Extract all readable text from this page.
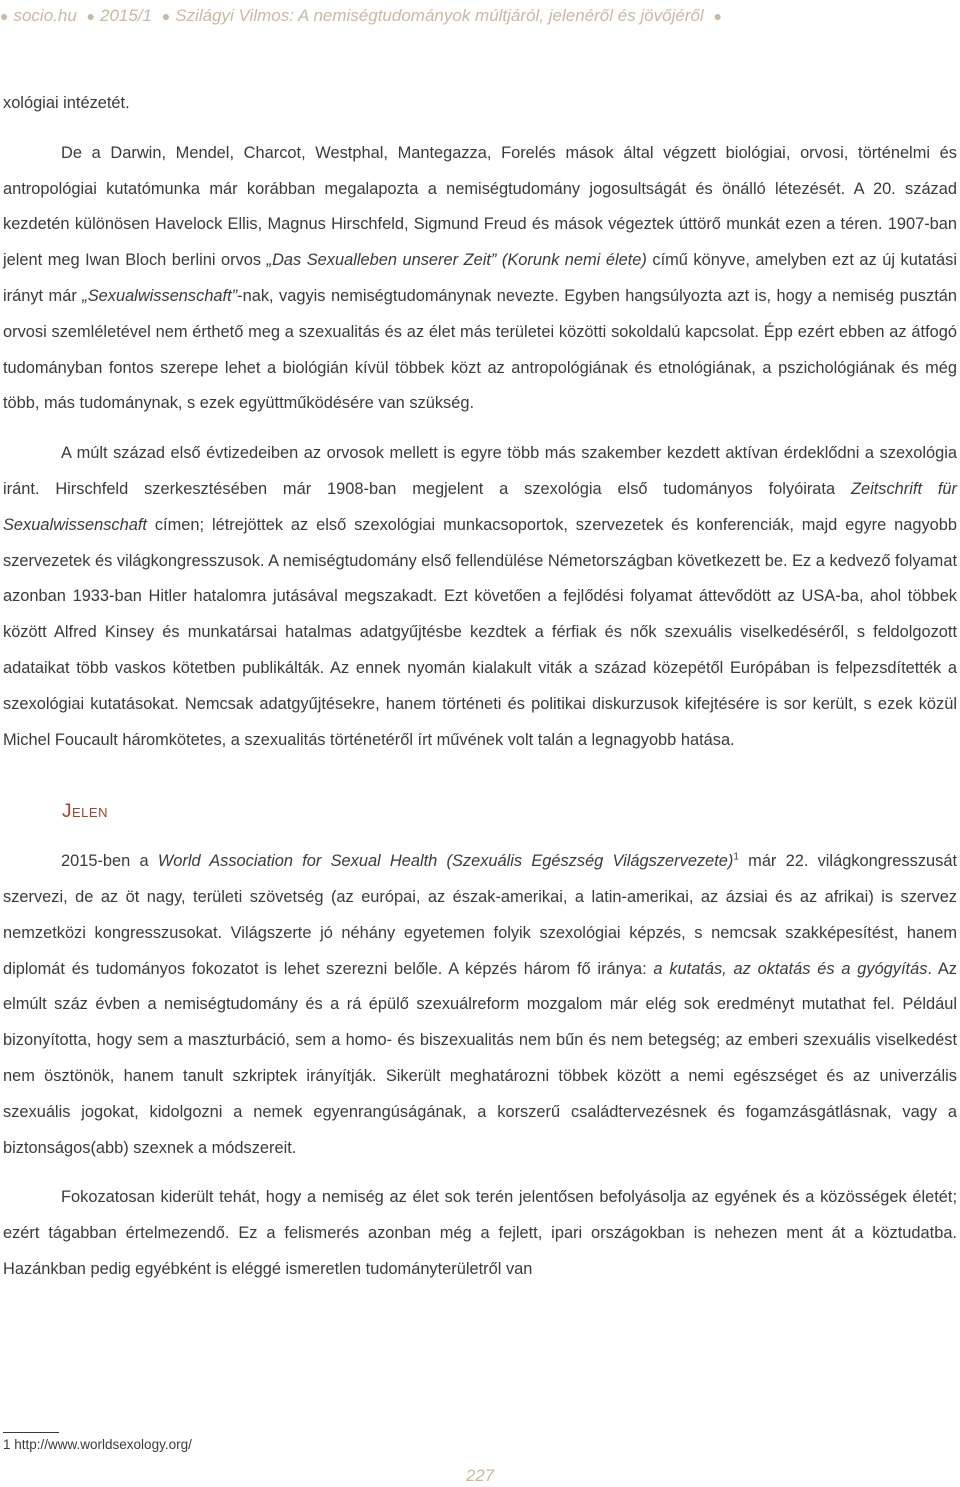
● socio.hu ● 2015/1 ● Szilágyi Vilmos: A nemiségtudományok múltjáról, jelenéről és jövőjéről ●

xológiai intézetét.

De a Darwin, Mendel, Charcot, Westphal, Mantegazza, Forelés mások által végzett biológiai, orvosi, történelmi és antropológiai kutatómunka már korábban megalapozta a nemiségtudomány jogosultságát és önálló létezését. A 20. század kezdetén különösen Havelock Ellis, Magnus Hirschfeld, Sigmund Freud és mások végeztek úttörő munkát ezen a téren. 1907-ban jelent meg Iwan Bloch berlini orvos „Das Sexualleben unserer Zeit” (Korunk nemi élete) című könyve, amelyben ezt az új kutatási irányt már „Sexualwissenschaft”-nak, vagyis nemiségtudománynak nevezte. Egyben hangsúlyozta azt is, hogy a nemiség pusztán orvosi szemléletével nem érthető meg a szexualitás és az élet más területei közötti sokoldalú kapcsolat. Épp ezért ebben az átfogó tudományban fontos szerepe lehet a biológián kívül többek közt az antropológiának és etnológiának, a pszichológiának és még több, más tudománynak, s ezek együttműködésére van szükség.

A múlt század első évtizedeiben az orvosok mellett is egyre több más szakember kezdett aktívan érdeklődni a szexológia iránt. Hirschfeld szerkesztésében már 1908-ban megjelent a szexológia első tudományos folyóirata Zeitschrift für Sexualwissenschaft címen; létrejöttek az első szexológiai munkacsoportok, szervezetek és konferenciák, majd egyre nagyobb szervezetek és világkongresszusok. A nemiségtudomány első fellendülése Németországban következett be. Ez a kedvező folyamat azonban 1933-ban Hitler hatalomra jutásával megszakadt. Ezt követően a fejlődési folyamat áttevődött az USA-ba, ahol többek között Alfred Kinsey és munkatársai hatalmas adatgyűjtésbe kezdtek a férfiak és nők szexuális viselkedéséről, s feldolgozott adataikat több vaskos kötetben publikálták. Az ennek nyomán kialakult viták a század közepétől Európában is felpezsdítették a szexológiai kutatásokat. Nemcsak adatgyűjtésekre, hanem történeti és politikai diskurzusok kifejtésére is sor került, s ezek közül Michel Foucault háromkötetes, a szexualitás történetéről írt művének volt talán a legnagyobb hatása.

Jelen

2015-ben a World Association for Sexual Health (Szexuális Egészség Világszervezete)$^1$ már 22. világkongresszusát szervezi, de az öt nagy, területi szövetség (az európai, az észak-amerikai, a latin-amerikai, az ázsiai és az afrikai) is szervez nemzetközi kongresszusokat. Világszerte jó néhány egyetemen folyik szexológiai képzés, s nemcsak szakképesítést, hanem diplomát és tudományos fokozatot is lehet szerezni belőle. A képzés három fő iránya: a kutatás, az oktatás és a gyógyítás. Az elmúlt száz évben a nemiségtudomány és a rá épülő szexuálreform mozgalom már elég sok eredményt mutathat fel. Például bizonyította, hogy sem a maszturbáció, sem a homo- és biszexualitás nem bűn és nem betegség; az emberi szexuális viselkedést nem ösztönök, hanem tanult szkriptek irányítják. Sikerült meghatározni többek között a nemi egészséget és az univerzális szexuális jogokat, kidolgozni a nemek egyenrangúságának, a korszerű családtervezésnek és fogamzásgátlásnak, vagy a biztonságos(abb) szexnek a módszereit.

Fokozatosan kiderült tehát, hogy a nemiség az élet sok terén jelentősen befolyásolja az egyének és a közösségek életét; ezért tágabban értelmezendő. Ez a felismerés azonban még a fejlett, ipari országokban is nehezen ment át a köztudatba. Hazánkban pedig egyébként is eléggé ismeretlen tudományterületről van

1 http://www.worldsexology.org/
227
